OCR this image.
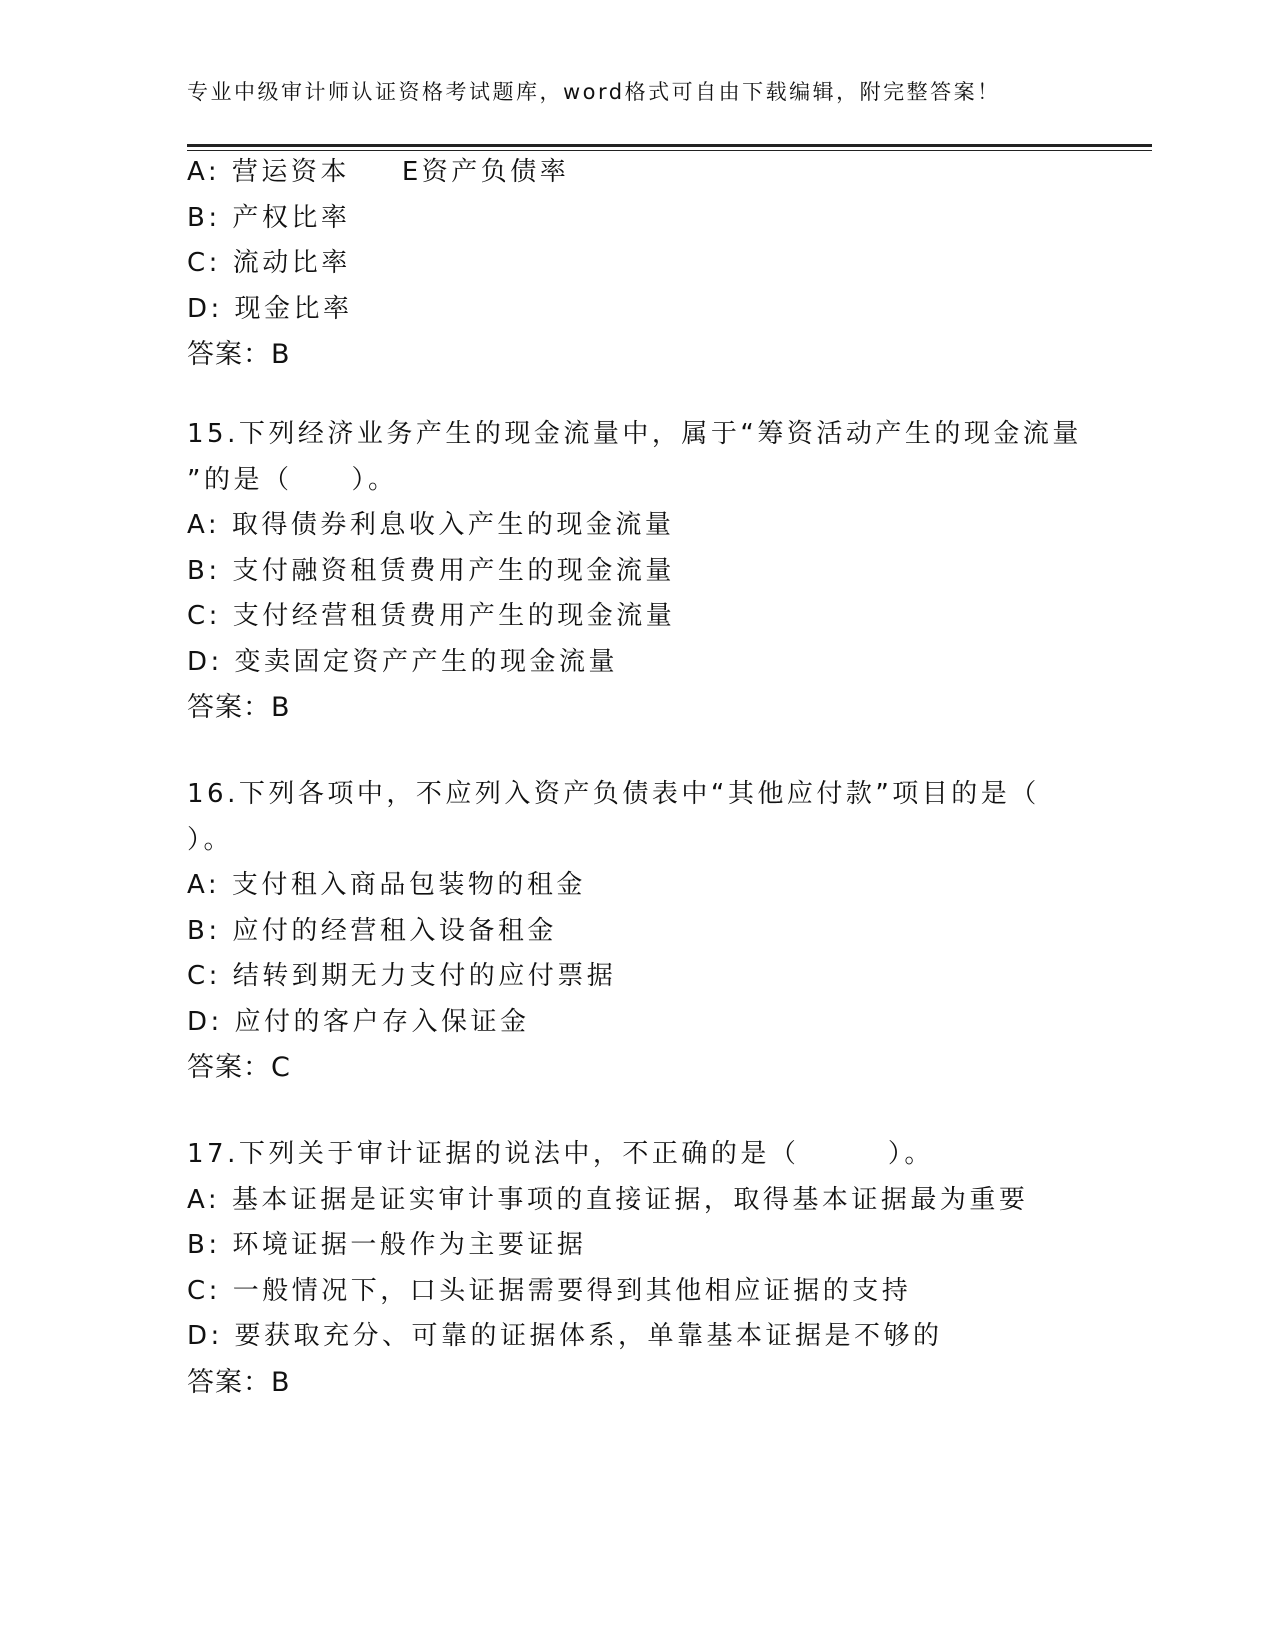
专业中级审计师认证资格考试题库，word格式可自由下载编辑，附完整答案！
A: 营运资本 E资产负债率
B: 产权比率
C: 流动比率
D: 现金比率
答案：B
15.下列经济业务产生的现金流量中，属于“筹资活动产生的现金流量
”的是（　　）。
A: 取得债券利息收入产生的现金流量
B: 支付融资租赁费用产生的现金流量
C: 支付经营租赁费用产生的现金流量
D: 变卖固定资产产生的现金流量
答案：B
16.下列各项中，不应列入资产负债表中“其他应付款”项目的是（
）。
A: 支付租入商品包装物的租金
B: 应付的经营租入设备租金
C: 结转到期无力支付的应付票据
D: 应付的客户存入保证金
答案：C
17.下列关于审计证据的说法中，不正确的是（　　　）。
A: 基本证据是证实审计事项的直接证据，取得基本证据最为重要
B: 环境证据一般作为主要证据
C: 一般情况下，口头证据需要得到其他相应证据的支持
D: 要获取充分、可靠的证据体系，单靠基本证据是不够的
答案：B
